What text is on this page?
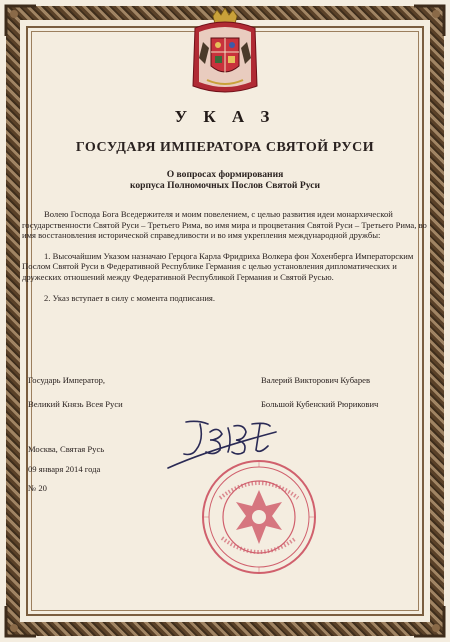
У К А З
ГОСУДАРЯ ИМПЕРАТОРА СВЯТОЙ РУСИ
О вопросах формирования
корпуса Полномочных Послов Святой Руси

Волею Господа Бога Вседержителя и моим повелением, с целью развития идеи монархической государственности Святой Руси – Третьего Рима, во имя мира и процветания Святой Руси – Третьего Рима, во имя восстановления исторической справедливости и во имя укрепления международной дружбы:

1. Высочайшим Указом назначаю Герцога Карла Фридриха Волкера фон Хохенберга Императорским Послом Святой Руси в Федеративной Республике Германия с целью установления дипломатических и дружеских отношений между Федеративной Республикой Германия и Святой Русью.

2. Указ вступает в силу с момента подписания.

Государь Император,
Великий Князь Всея Руси
Валерий Викторович Кубарев
Большой Кубенский Рюрикович
Москва, Святая Русь
09 января 2014 года
№ 20
